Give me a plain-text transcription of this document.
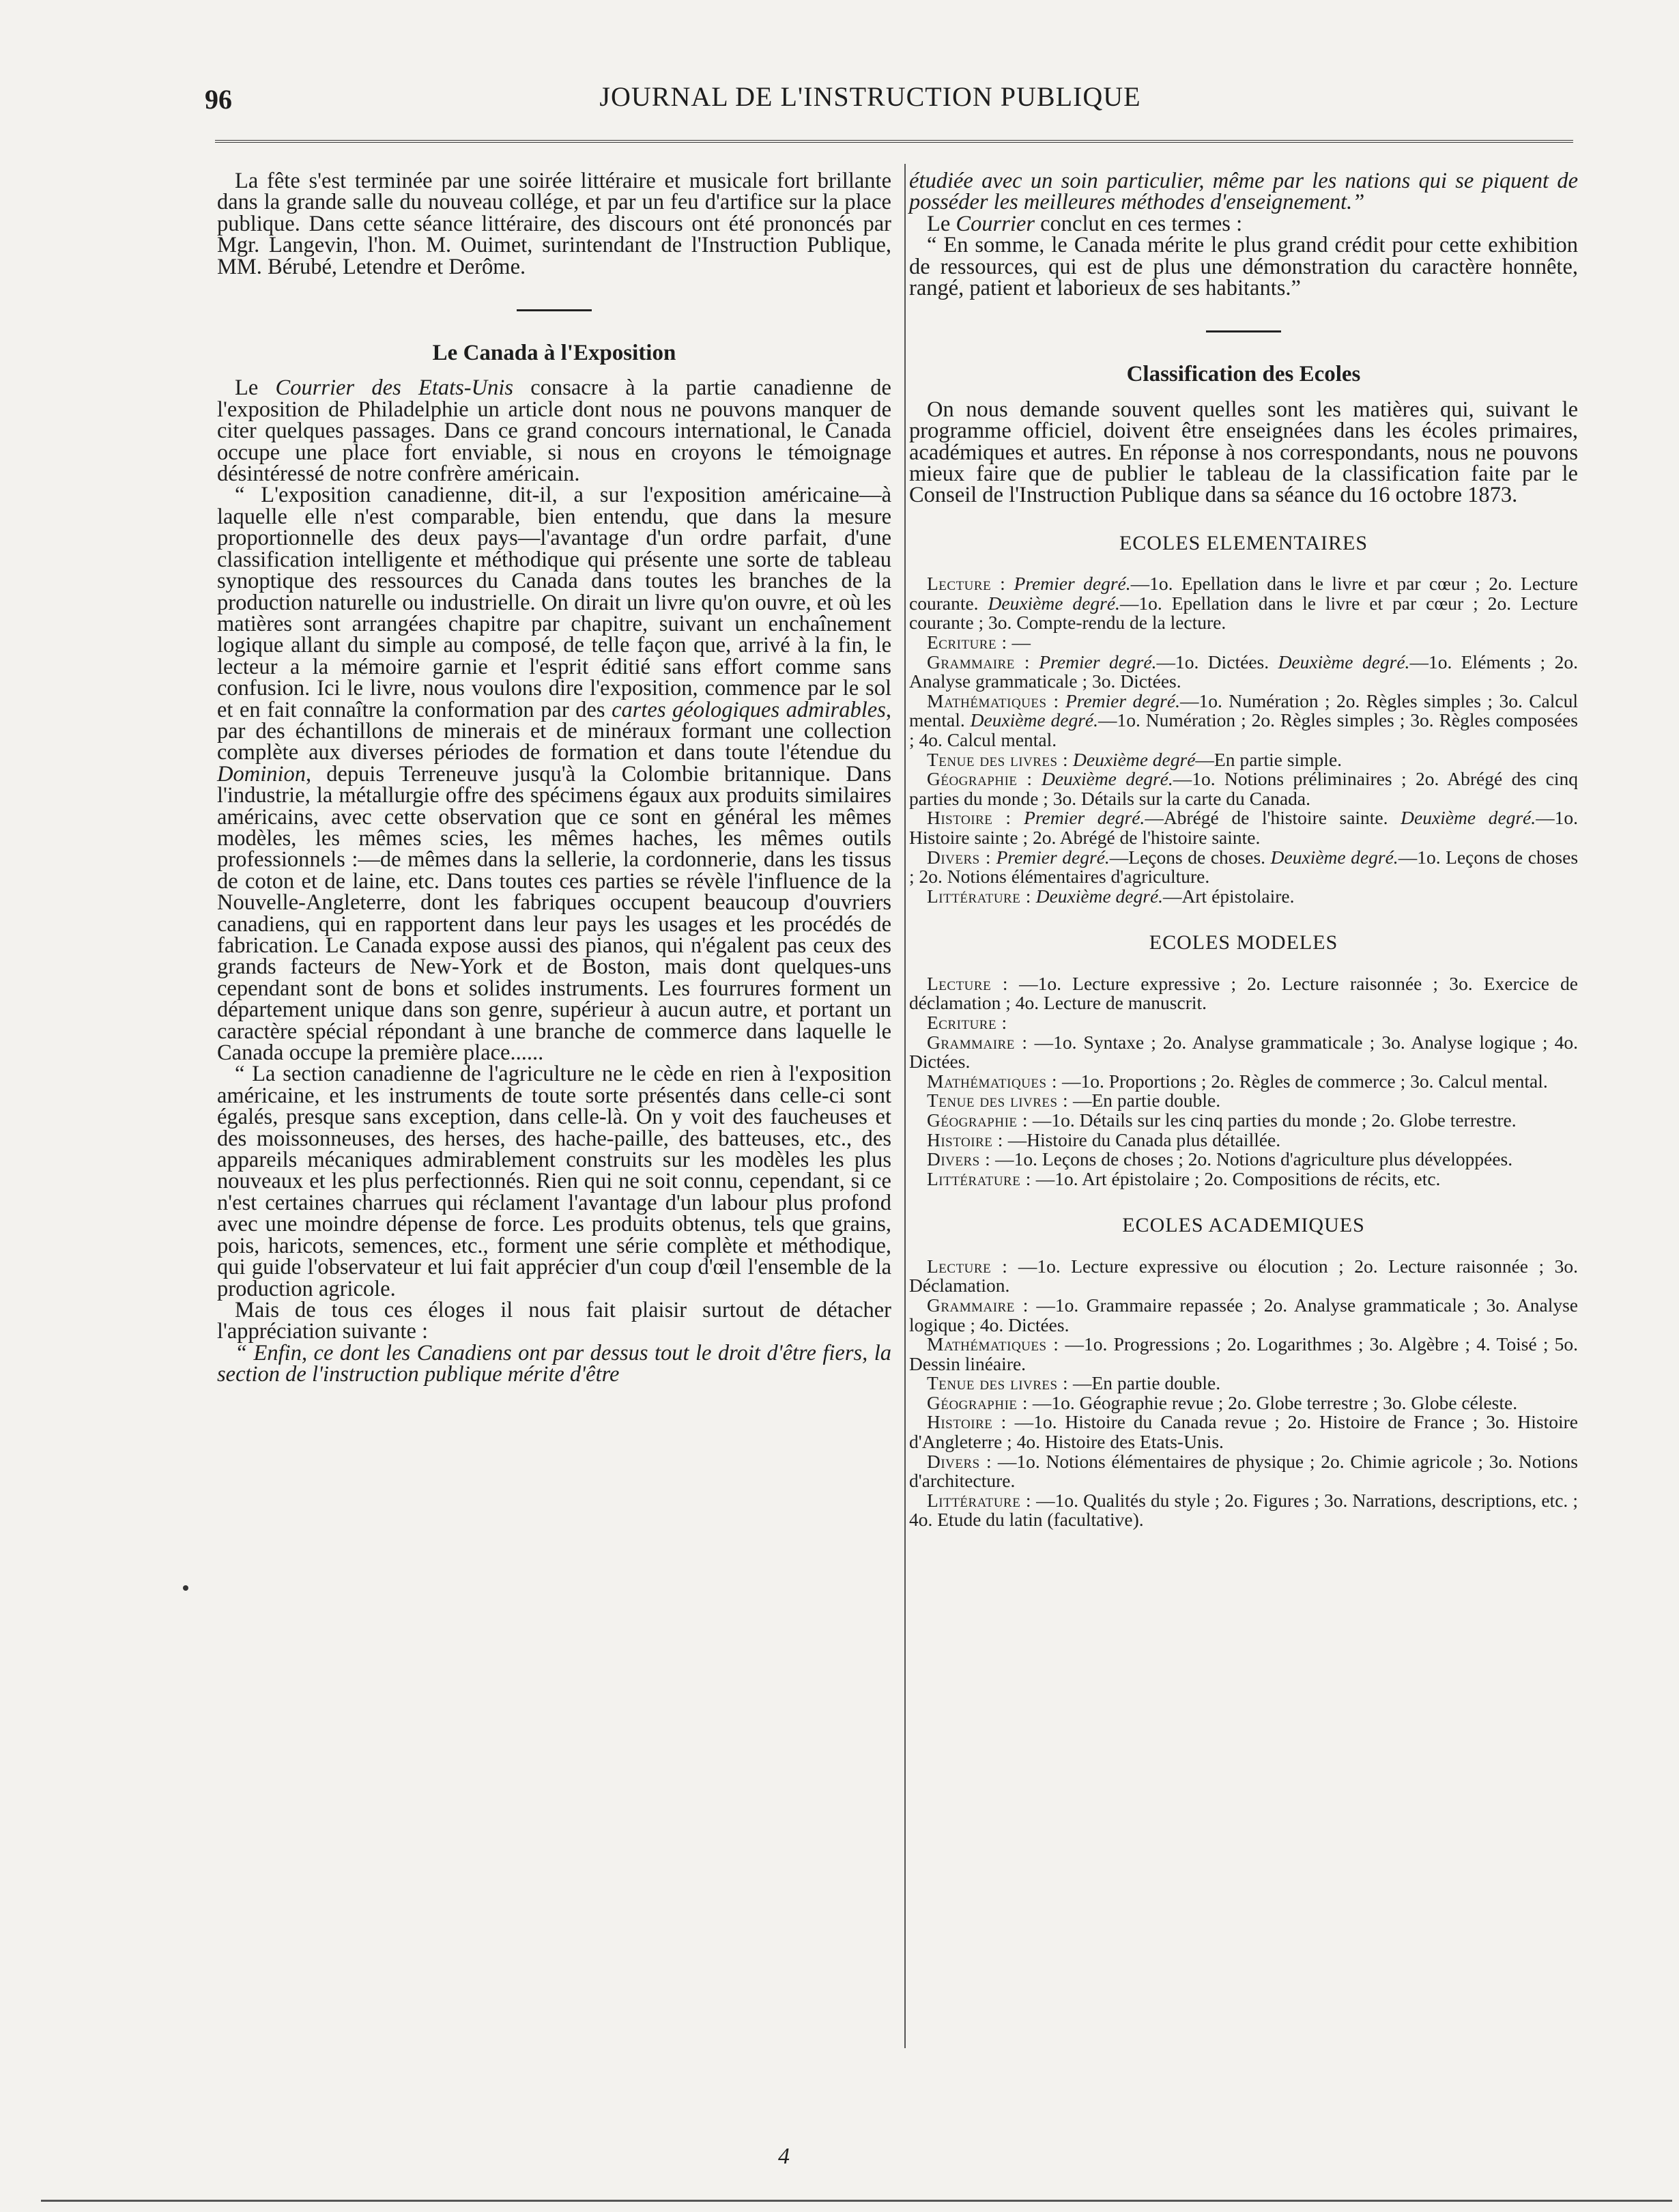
96	JOURNAL DE L'INSTRUCTION PUBLIQUE

La fête s'est terminée par une soirée littéraire et musicale fort brillante dans la grande salle du nouveau collége, et par un feu d'artifice sur la place publique. Dans cette séance littéraire, des discours ont été prononcés par Mgr. Langevin, l'hon. M. Ouimet, surintendant de l'Instruction Publique, MM. Bérubé, Letendre et Derôme.

Le Canada à l'Exposition

Le Courrier des Etats-Unis consacre à la partie canadienne de l'exposition de Philadelphie un article dont nous ne pouvons manquer de citer quelques passages. Dans ce grand concours international, le Canada occupe une place fort enviable, si nous en croyons le témoignage désintéressé de notre confrère américain.

“ L'exposition canadienne, dit-il, a sur l'exposition américaine—à laquelle elle n'est comparable, bien entendu, que dans la mesure proportionnelle des deux pays—l'avantage d'un ordre parfait, d'une classification intelligente et méthodique qui présente une sorte de tableau synoptique des ressources du Canada dans toutes les branches de la production naturelle ou industrielle. On dirait un livre qu'on ouvre, et où les matières sont arrangées chapitre par chapitre, suivant un enchaînement logique allant du simple au composé, de telle façon que, arrivé à la fin, le lecteur a la mémoire garnie et l'esprit éditié sans effort comme sans confusion. Ici le livre, nous voulons dire l'exposition, commence par le sol et en fait connaître la conformation par des cartes géologiques admirables, par des échantillons de minerais et de minéraux formant une collection complète aux diverses périodes de formation et dans toute l'étendue du Dominion, depuis Terreneuve jusqu'à la Colombie britannique. Dans l'industrie, la métallurgie offre des spécimens égaux aux produits similaires américains, avec cette observation que ce sont en général les mêmes modèles, les mêmes scies, les mêmes haches, les mêmes outils professionnels :—de mêmes dans la sellerie, la cordonnerie, dans les tissus de coton et de laine, etc. Dans toutes ces parties se révèle l'influence de la Nouvelle-Angleterre, dont les fabriques occupent beaucoup d'ouvriers canadiens, qui en rapportent dans leur pays les usages et les procédés de fabrication. Le Canada expose aussi des pianos, qui n'égalent pas ceux des grands facteurs de New-York et de Boston, mais dont quelques-uns cependant sont de bons et solides instruments. Les fourrures forment un département unique dans son genre, supérieur à aucun autre, et portant un caractère spécial répondant à une branche de commerce dans laquelle le Canada occupe la première place......

“ La section canadienne de l'agriculture ne le cède en rien à l'exposition américaine, et les instruments de toute sorte présentés dans celle-ci sont égalés, presque sans exception, dans celle-là. On y voit des faucheuses et des moissonneuses, des herses, des hache-paille, des batteuses, etc., des appareils mécaniques admirablement construits sur les modèles les plus nouveaux et les plus perfectionnés. Rien qui ne soit connu, cependant, si ce n'est certaines charrues qui réclament l'avantage d'un labour plus profond avec une moindre dépense de force. Les produits obtenus, tels que grains, pois, haricots, semences, etc., forment une série complète et méthodique, qui guide l'observateur et lui fait apprécier d'un coup d'œil l'ensemble de la production agricole.

Mais de tous ces éloges il nous fait plaisir surtout de détacher l'appréciation suivante :

“ Enfin, ce dont les Canadiens ont par dessus tout le droit d'être fiers, la section de l'instruction publique mérite d'être

étudiée avec un soin particulier, même par les nations qui se piquent de posséder les meilleures méthodes d'enseignement.”

Le Courrier conclut en ces termes :

“ En somme, le Canada mérite le plus grand crédit pour cette exhibition de ressources, qui est de plus une démonstration du caractère honnête, rangé, patient et laborieux de ses habitants.”

Classification des Ecoles

On nous demande souvent quelles sont les matières qui, suivant le programme officiel, doivent être enseignées dans les écoles primaires, académiques et autres. En réponse à nos correspondants, nous ne pouvons mieux faire que de publier le tableau de la classification faite par le Conseil de l'Instruction Publique dans sa séance du 16 octobre 1873.

ECOLES ELEMENTAIRES

Lecture : Premier degré.—1o. Epellation dans le livre et par cœur ; 2o. Lecture courante. Deuxième degré.—1o. Epellation dans le livre et par cœur ; 2o. Lecture courante ; 3o. Compte-rendu de la lecture.

Ecriture : —

Grammaire : Premier degré.—1o. Dictées. Deuxième degré.—1o. Eléments ; 2o. Analyse grammaticale ; 3o. Dictées.

Mathématiques : Premier degré.—1o. Numération ; 2o. Règles simples ; 3o. Calcul mental. Deuxième degré.—1o. Numération ; 2o. Règles simples ; 3o. Règles composées ; 4o. Calcul mental.

Tenue des livres : Deuxième degré—En partie simple.

Géographie : Deuxième degré.—1o. Notions préliminaires ; 2o. Abrégé des cinq parties du monde ; 3o. Détails sur la carte du Canada.

Histoire : Premier degré.—Abrégé de l'histoire sainte. Deuxième degré.—1o. Histoire sainte ; 2o. Abrégé de l'histoire sainte.

Divers : Premier degré.—Leçons de choses. Deuxième degré.—1o. Leçons de choses ; 2o. Notions élémentaires d'agriculture.

Littérature : Deuxième degré.—Art épistolaire.

ECOLES MODELES

Lecture : —1o. Lecture expressive ; 2o. Lecture raisonnée ; 3o. Exercice de déclamation ; 4o. Lecture de manuscrit.

Ecriture :

Grammaire : —1o. Syntaxe ; 2o. Analyse grammaticale ; 3o. Analyse logique ; 4o. Dictées.

Mathématiques : —1o. Proportions ; 2o. Règles de commerce ; 3o. Calcul mental.

Tenue des livres : —En partie double.

Géographie : —1o. Détails sur les cinq parties du monde ; 2o. Globe terrestre.

Histoire : —Histoire du Canada plus détaillée.

Divers : —1o. Leçons de choses ; 2o. Notions d'agriculture plus développées.

Littérature : —1o. Art épistolaire ; 2o. Compositions de récits, etc.

ECOLES ACADEMIQUES

Lecture : —1o. Lecture expressive ou élocution ; 2o. Lecture raisonnée ; 3o. Déclamation.

Grammaire : —1o. Grammaire repassée ; 2o. Analyse grammaticale ; 3o. Analyse logique ; 4o. Dictées.

Mathématiques : —1o. Progressions ; 2o. Logarithmes ; 3o. Algèbre ; 4. Toisé ; 5o. Dessin linéaire.

Tenue des livres : —En partie double.

Géographie : —1o. Géographie revue ; 2o. Globe terrestre ; 3o. Globe céleste.

Histoire : —1o. Histoire du Canada revue ; 2o. Histoire de France ; 3o. Histoire d'Angleterre ; 4o. Histoire des Etats-Unis.

Divers : —1o. Notions élémentaires de physique ; 2o. Chimie agricole ; 3o. Notions d'architecture.

Littérature : —1o. Qualités du style ; 2o. Figures ; 3o. Narrations, descriptions, etc. ; 4o. Etude du latin (facultative).

4
